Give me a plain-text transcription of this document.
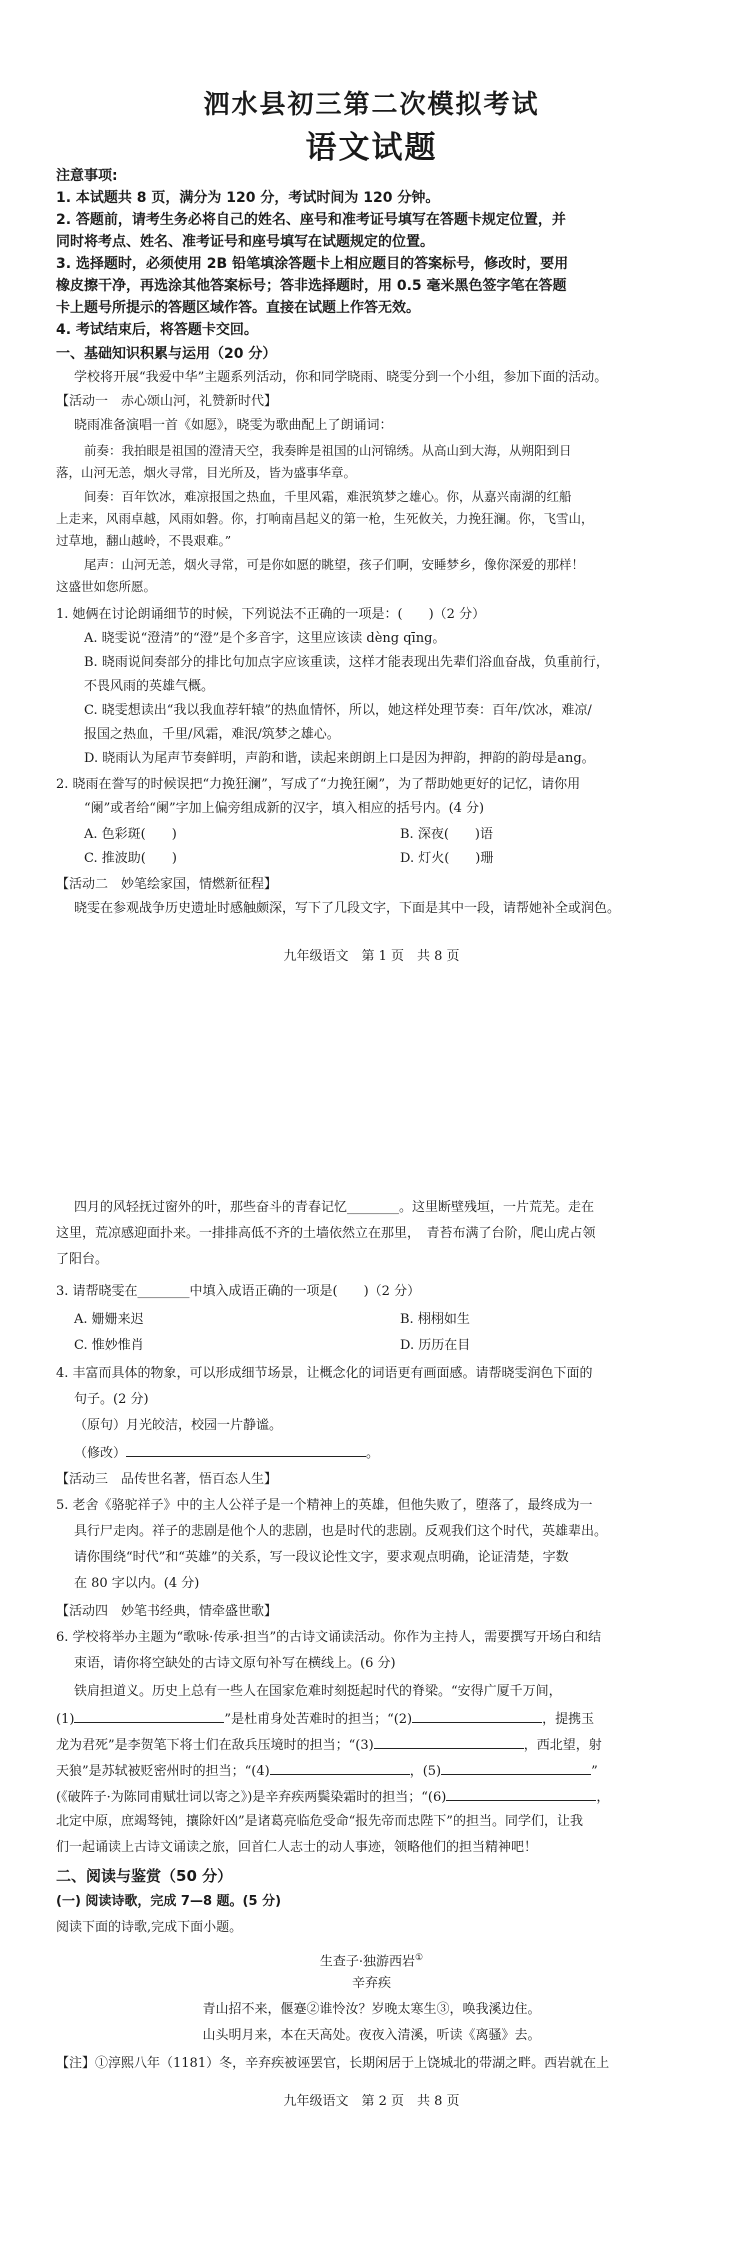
泗水县初三第二次模拟考试
语文试题
注意事项:
1. 本试题共 8 页，满分为 120 分，考试时间为 120 分钟。
2. 答题前，请考生务必将自己的姓名、座号和准考证号填写在答题卡规定位置，并
同时将考点、姓名、准考证号和座号填写在试题规定的位置。
3. 选择题时，必须使用 2B 铅笔填涂答题卡上相应题目的答案标号，修改时，要用
橡皮擦干净，再选涂其他答案标号；答非选择题时，用 0.5 毫米黑色签字笔在答题
卡上题号所提示的答题区域作答。直接在试题上作答无效。
4. 考试结束后，将答题卡交回。
一、基础知识积累与运用（20 分）
学校将开展“我爱中华”主题系列活动，你和同学晓雨、晓雯分到一个小组，参加下面的活动。
【活动一　赤心颂山河，礼赞新时代】
晓雨准备演唱一首《如愿》，晓雯为歌曲配上了朗诵词：
前奏：我拍眼是祖国的澄清天空，我奏眸是祖国的山河锦绣。从高山到大海，从朔阳到日
落，山河无恙，烟火寻常，目光所及，皆为盛事华章。
间奏：百年饮冰，难凉报国之热血，千里风霜，难泯筑梦之雄心。你，从嘉兴南湖的红船
上走来，风雨卓越，风雨如磐。你，打响南昌起义的第一枪，生死攸关，力挽狂澜。你，飞雪山，
过草地，翻山越岭，不畏艰难。”
尾声：山河无恙，烟火寻常，可是你如愿的眺望，孩子们啊，安睡梦乡，像你深爱的那样！
这盛世如您所愿。
1. 她俩在讨论朗诵细节的时候，下列说法不正确的一项是：(　　)（2 分）
A. 晓雯说“澄清”的“澄”是个多音字，这里应该读 dèng qīng。
B. 晓雨说间奏部分的排比句加点字应该重读，这样才能表现出先辈们浴血奋战，负重前行，
不畏风雨的英雄气概。
C. 晓雯想读出“我以我血荐轩辕”的热血情怀，所以，她这样处理节奏：百年/饮冰，难凉/
报国之热血，千里/风霜，难泯/筑梦之雄心。
D. 晓雨认为尾声节奏鲜明，声韵和谐，读起来朗朗上口是因为押韵，押韵的韵母是ang。
2. 晓雨在誊写的时候误把“力挽狂澜”，写成了“力挽狂阑”，为了帮助她更好的记忆，请你用
“阑”或者给“阑”字加上偏旁组成新的汉字，填入相应的括号内。(4 分)
A. 色彩斑(　　)	B. 深夜(　　)语
C. 推波助(　　)	D. 灯火(　　)珊
【活动二　妙笔绘家国，情燃新征程】
晓雯在参观战争历史遗址时感触颇深，写下了几段文字，下面是其中一段，请帮她补全或润色。
九年级语文　第 1 页　共 8 页
四月的风轻抚过窗外的叶，那些奋斗的青春记忆________。这里断壁残垣，一片荒芜。走在
这里，荒凉感迎面扑来。一排排高低不齐的土墙依然立在那里，　青苔布满了台阶，爬山虎占领
了阳台。
3. 请帮晓雯在________中填入成语正确的一项是(　　)（2 分）
A. 姗姗来迟	B. 栩栩如生
C. 惟妙惟肖	D. 历历在目
4. 丰富而具体的物象，可以形成细节场景，让概念化的词语更有画面感。请帮晓雯润色下面的
句子。(2 分)
（原句）月光皎洁，校园一片静谧。
（修改）	。
【活动三　品传世名著，悟百态人生】
5. 老舍《骆驼祥子》中的主人公祥子是一个精神上的英雄，但他失败了，堕落了，最终成为一
具行尸走肉。祥子的悲剧是他个人的悲剧，也是时代的悲剧。反观我们这个时代，英雄辈出。
请你围绕“时代”和“英雄”的关系，写一段议论性文字，要求观点明确，论证清楚，字数
在 80 字以内。(4 分)
【活动四　妙笔书经典，情牵盛世歌】
6. 学校将举办主题为“歌咏·传承·担当”的古诗文诵读活动。你作为主持人，需要撰写开场白和结
束语，请你将空缺处的古诗文原句补写在横线上。(6 分)
铁肩担道义。历史上总有一些人在国家危难时刻挺起时代的脊梁。“安得广厦千万间，
(1)	”是杜甫身处苦难时的担当；“(2)	，提携玉
龙为君死”是李贺笔下将士们在敌兵压境时的担当；“(3)	，西北望，射
天狼”是苏轼被贬密州时的担当；“(4)	，(5)	”
(《破阵子·为陈同甫赋壮词以寄之》)是辛弃疾两鬓染霜时的担当；“(6)	，
北定中原，庶竭驽钝，攘除奸凶”是诸葛亮临危受命“报先帝而忠陛下”的担当。同学们，让我
们一起诵读上古诗文诵读之旅，回首仁人志士的动人事迹，领略他们的担当精神吧！
二、阅读与鉴赏（50 分）
(一) 阅读诗歌，完成 7—8 题。(5 分)
阅读下面的诗歌,完成下面小题。
生查子·独游西岩①
辛弃疾
青山招不来，偃蹇②谁怜汝？岁晚太寒生③，唤我溪边住。
山头明月来，本在天高处。夜夜入清溪，听读《离骚》去。
【注】①淳熙八年（1181）冬，辛弃疾被诬罢官，长期闲居于上饶城北的带湖之畔。西岩就在上
九年级语文　第 2 页　共 8 页
